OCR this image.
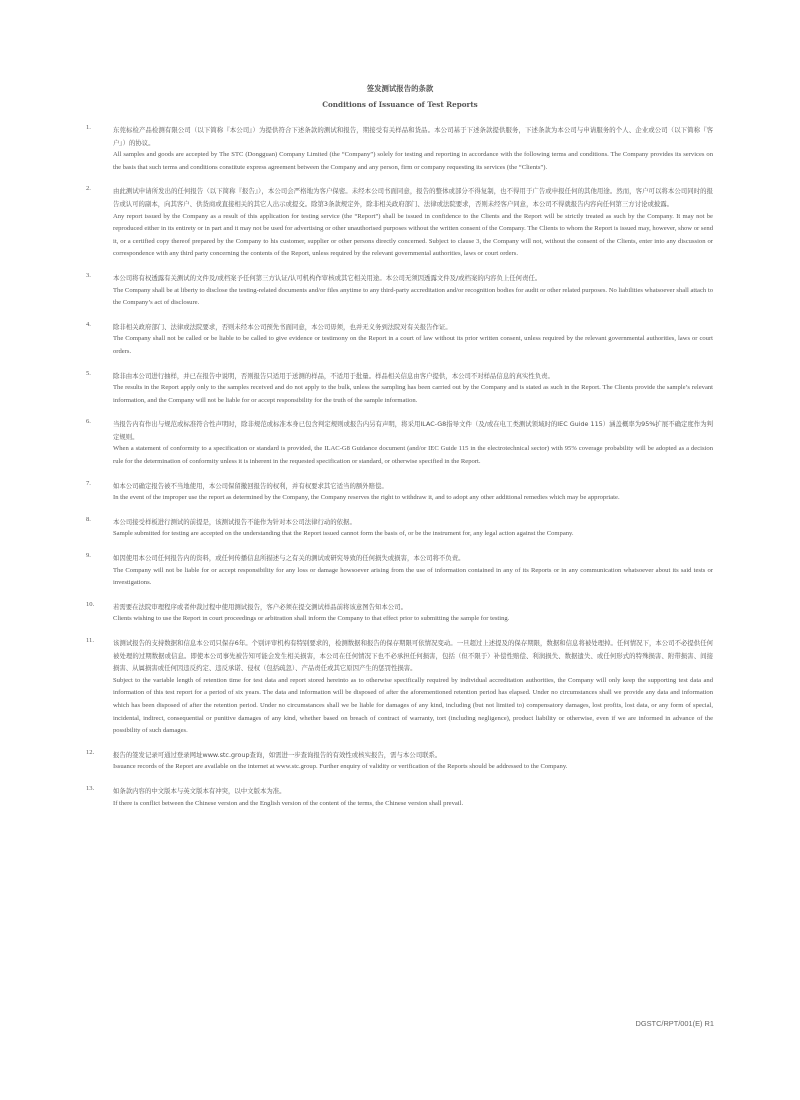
签发测试报告的条款
Conditions of Issuance of Test Reports
1.	东莞标检产品检测有限公司（以下简称『本公司』）为提供符合下述条款的测试和报告，期接受有关样品和货品。本公司基于下述条款提供服务，下述条款为本公司与申请服务的个人、企业或公司（以下简称『客户』）的协议。
All samples and goods are accepted by The STC (Dongguan) Company Limited (the “Company”) solely for testing and reporting in accordance with the following terms and conditions. The Company provides its services on the basis that such terms and conditions constitute express agreement between the Company and any person, firm or company requesting its services (the “Clients”).
2.	由此测试申请所发出的任何报告（以下简称『报告』），本公司会严格地为客户保密。未经本公司书面同意，报告的整体或部分不得复制，也不得用于广告或申报任何的其他用途。然而，客户可以将本公司同时的报告或认可的副本，向其客户、供货商或直接相关的其它人出示或提交。除第3条款规定外，除非相关政府部门、法律或法院要求，否则未经客户同意，本公司不得就报告内容向任何第三方讨论或披露。
Any report issued by the Company as a result of this application for testing service (the “Report”) shall be issued in confidence to the Clients and the Report will be strictly treated as such by the Company. It may not be reproduced either in its entirety or in part and it may not be used for advertising or other unauthorised purposes without the written consent of the Company. The Clients to whom the Report is issued may, however, show or send it, or a certified copy thereof prepared by the Company to his customer, supplier or other persons directly concerned. Subject to clause 3, the Company will not, without the consent of the Clients, enter into any discussion or correspondence with any third party concerning the contents of the Report, unless required by the relevant governmental authorities, laws or court orders.
3.	本公司将有权透露有关测试的文件及/或档案予任何第三方认证/认可机构作审核或其它相关用途。本公司无须因透露文件及/或档案的内容负上任何责任。
The Company shall be at liberty to disclose the testing-related documents and/or files anytime to any third-party accreditation and/or recognition bodies for audit or other related purposes. No liabilities whatsoever shall attach to the Company’s act of disclosure.
4.	除非相关政府部门、法律或法院要求，否则未经本公司预先书面同意，本公司毋须，也并无义务到法院对有关报告作证。
The Company shall not be called or be liable to be called to give evidence or testimony on the Report in a court of law without its prior written consent, unless required by the relevant governmental authorities, laws or court orders.
5.	除非由本公司进行抽样，并已在报告中说明，否则报告只适用于送测的样品，不适用于批量。样品相关信息由客户提供，本公司不对样品信息的真实性负责。
The results in the Report apply only to the samples received and do not apply to the bulk, unless the sampling has been carried out by the Company and is stated as such in the Report. The Clients provide the sample’s relevant information, and the Company will not be liable for or accept responsibility for the truth of the sample information.
6.	当报告内有作出与规范或标准符合性声明时，除非规范或标准本身已包含判定规则或报告内另有声明，将采用ILAC-G8指导文件（及/或在电工类测试领域时的IEC Guide 115）涵盖概率为95%扩展不确定度作为判定规则。
When a statement of conformity to a specification or standard is provided, the ILAC-G8 Guidance document (and/or IEC Guide 115 in the electrotechnical sector) with 95% coverage probability will be adopted as a decision rule for the determination of conformity unless it is inherent in the requested specification or standard, or otherwise specified in the Report.
7.	如本公司确定报告被不当地使用，本公司保留撤回报告的权利，并有权要求其它适当的额外赔偿。
In the event of the improper use the report as determined by the Company, the Company reserves the right to withdraw it, and to adopt any other additional remedies which may be appropriate.
8.	本公司接受样板进行测试的前提是，该测试报告不能作为针对本公司法律行动的依据。
Sample submitted for testing are accepted on the understanding that the Report issued cannot form the basis of, or be the instrument for, any legal action against the Company.
9.	如因使用本公司任何报告内的资料，或任何传播信息所描述与之有关的测试或研究导致的任何损失或损害，本公司将不负责。
The Company will not be liable for or accept responsibility for any loss or damage howsoever arising from the use of information contained in any of its Reports or in any communication whatsoever about its said tests or investigations.
10.	若需要在法院审理程序或者仲裁过程中使用测试报告，客户必须在提交测试样品前将该意图告知本公司。
Clients wishing to use the Report in court proceedings or arbitration shall inform the Company to that effect prior to submitting the sample for testing.
11.	该测试报告的支持数据和信息本公司只保存6年。个别评审机构有特别要求的，检测数据和报告的保存期限可依情况变动。一旦超过上述提及的保存期限，数据和信息将被处理掉。任何情况下，本公司不必提供任何被处理的过期数据或信息。即使本公司事先被告知可能会发生相关损害，本公司在任何情况下也不必承担任何损害，包括（但不限于）补偿性赔偿、利润损失、数据遗失、或任何形式的特殊损害、附带损害、间接损害、从属损害或任何因违反约定、违反承诺、侵权（包括疏忽）、产品责任或其它原因产生的惩罚性损害。
Subject to the variable length of retention time for test data and report stored hereinto as to otherwise specifically required by individual accreditation authorities, the Company will only keep the supporting test data and information of this test report for a period of six years. The data and information will be disposed of after the aforementioned retention period has elapsed. Under no circumstances shall we provide any data and information which has been disposed of after the retention period. Under no circumstances shall we be liable for damages of any kind, including (but not limited to) compensatory damages, lost profits, lost data, or any form of special, incidental, indirect, consequential or punitive damages of any kind, whether based on breach of contract of warranty, tort (including negligence), product liability or otherwise, even if we are informed in advance of the possibility of such damages.
12.	报告的签发记录可通过登录网址www.stc.group查询，如需进一步查询报告的有效性或核实报告，需与本公司联系。
Issuance records of the Report are available on the internet at www.stc.group. Further enquiry of validity or verification of the Reports should be addressed to the Company.
13.	如条款内容的中文版本与英文版本有冲突，以中文版本为准。
If there is conflict between the Chinese version and the English version of the content of the terms, the Chinese version shall prevail.
DGSTC/RPT/001(E) R1
